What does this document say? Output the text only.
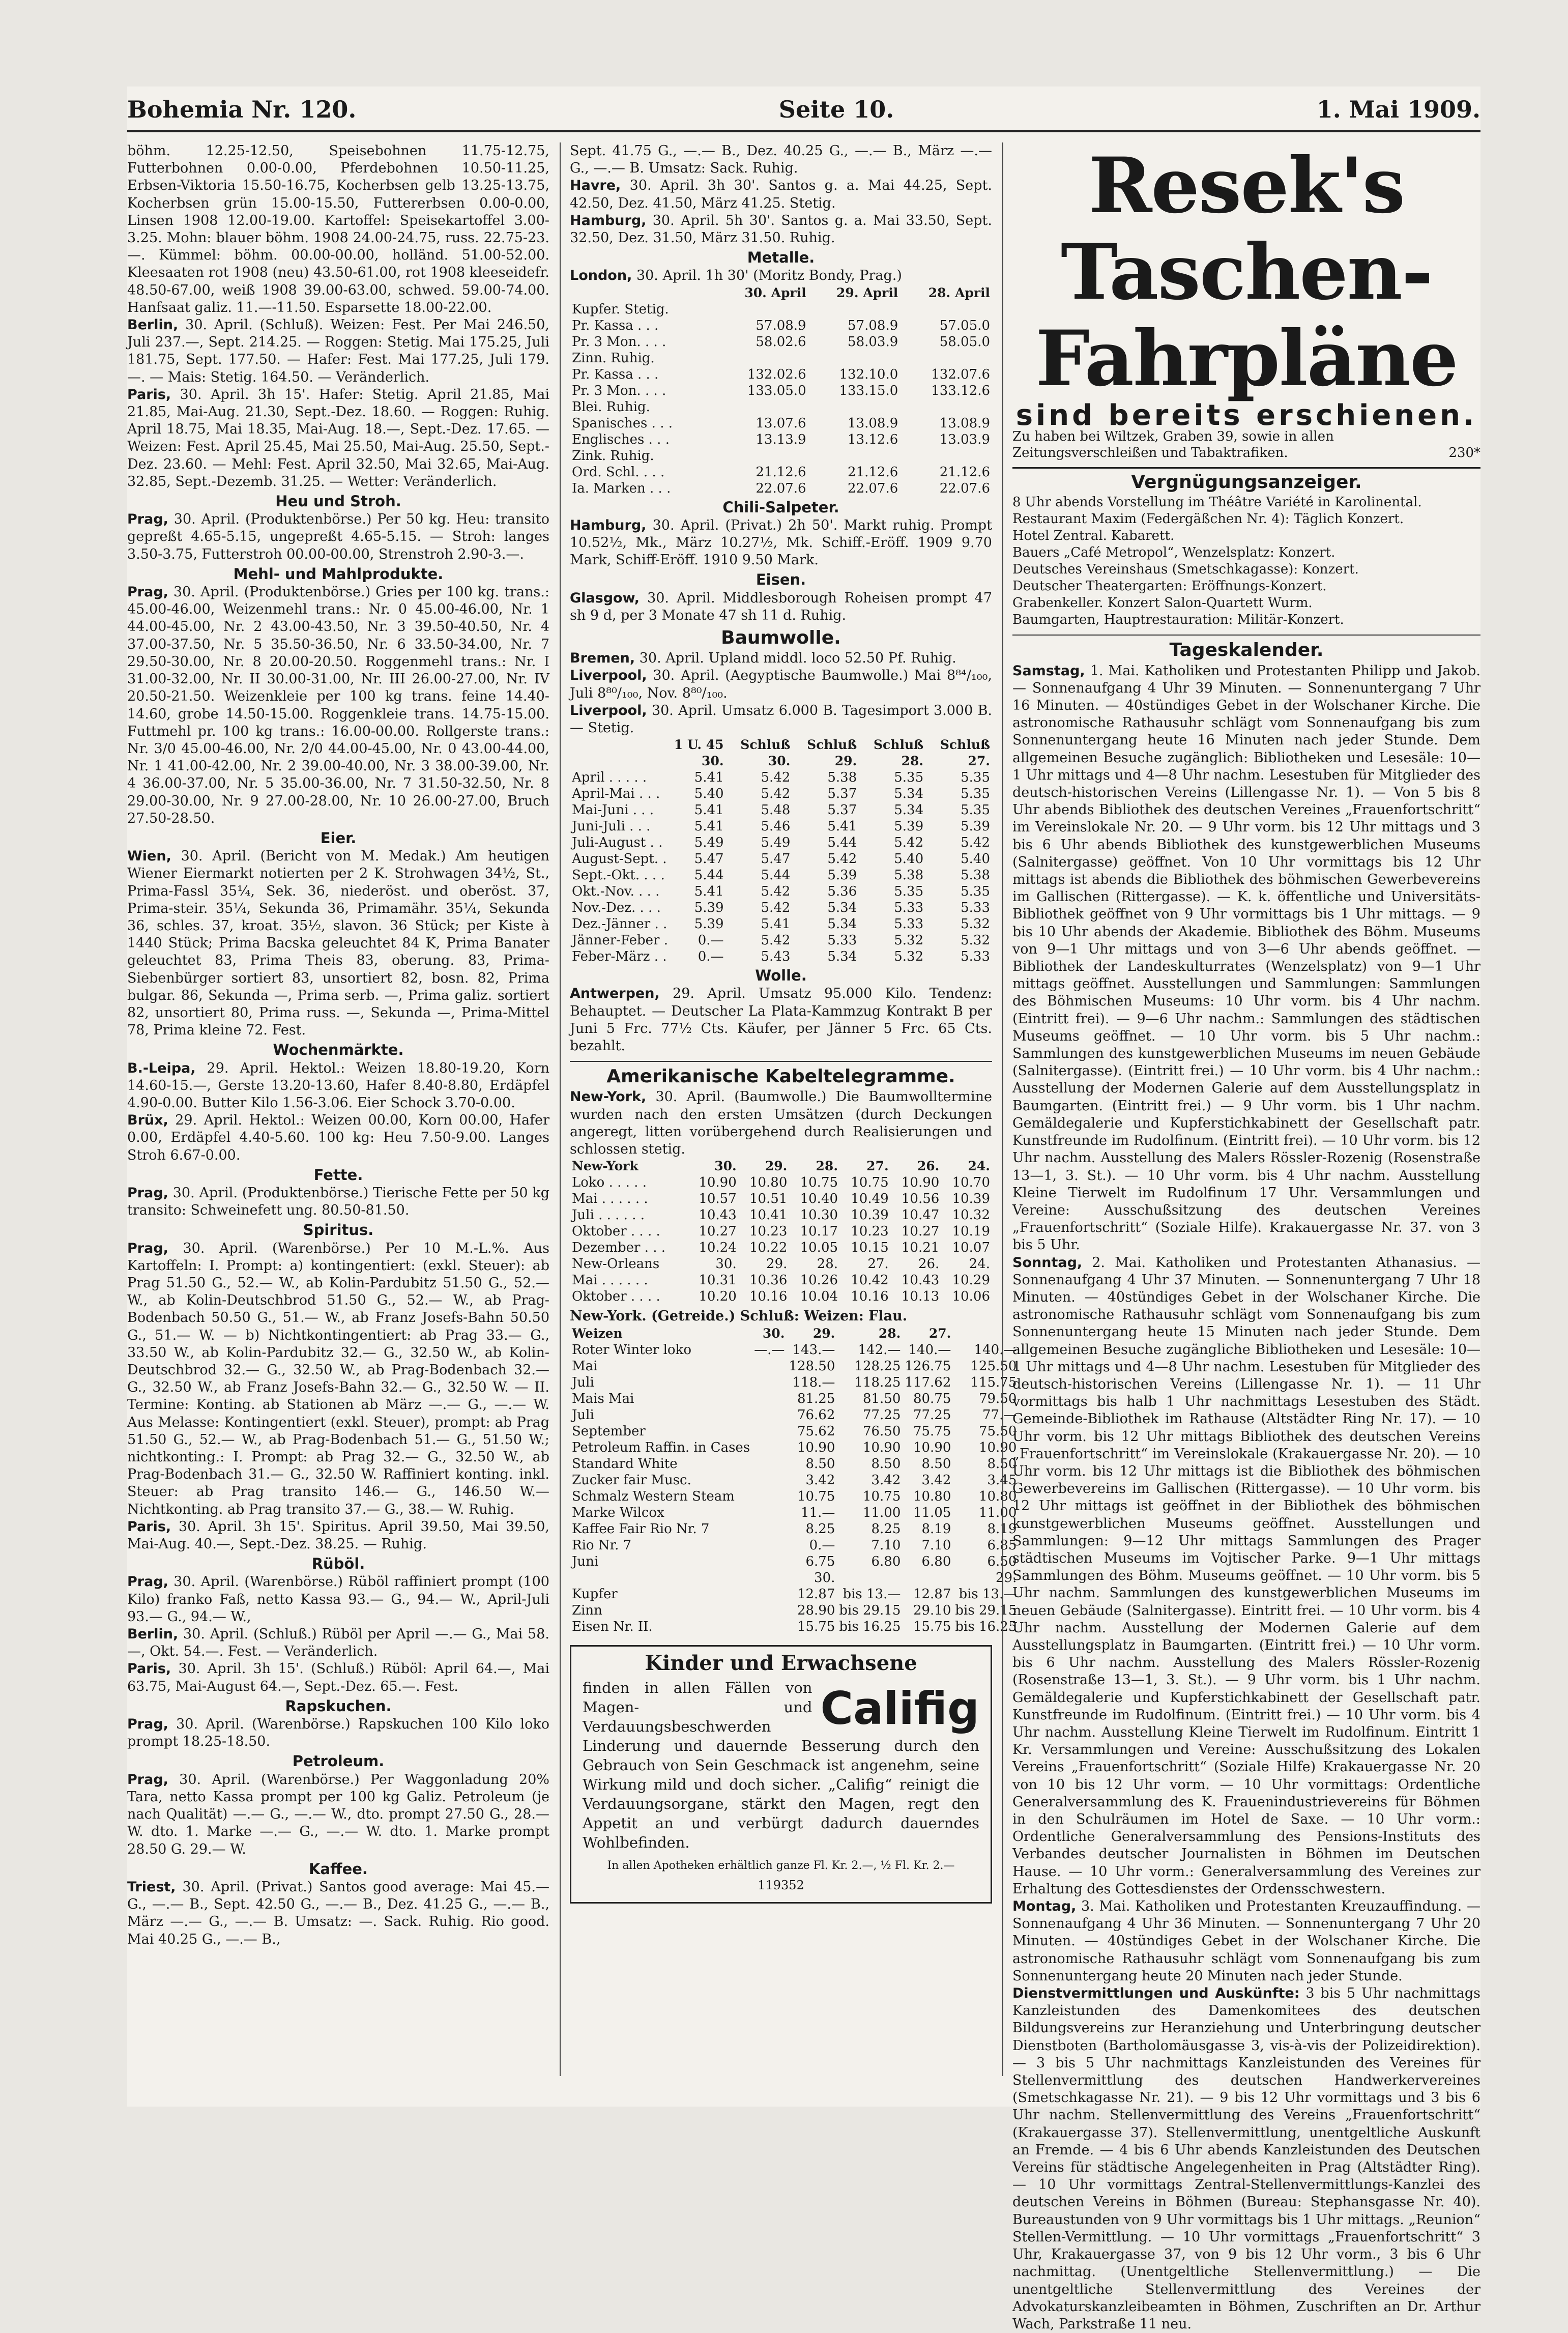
Bohemia Nr. 120.	Seite 10.	1. Mai 1909.

böhm. 12.25-12.50, Speisebohnen 11.75-12.75, Futterbohnen 0.00-0.00, Pferdebohnen 10.50-11.25, Erbsen-Viktoria 15.50-16.75, Kocherbsen gelb 13.25-13.75, Kocherbsen grün 15.00-15.50, Futtererbsen 0.00-0.00, Linsen 1908 12.00-19.00. Kartoffel: Speisekartoffel 3.00-3.25. Mohn: blauer böhm. 1908 24.00-24.75, russ. 22.75-23.—. Kümmel: böhm. 00.00-00.00, holländ. 51.00-52.00. Kleesaaten rot 1908 (neu) 43.50-61.00, rot 1908 kleeseidefr. 48.50-67.00, weiß 1908 39.00-63.00, schwed. 59.00-74.00. Hanfsaat galiz. 11.—-11.50. Esparsette 18.00-22.00.

Berlin, 30. April. (Schluß). Weizen: Fest. Per Mai 246.50, Juli 237.—, Sept. 214.25. — Roggen: Stetig. Mai 175.25, Juli 181.75, Sept. 177.50. — Hafer: Fest. Mai 177.25, Juli 179.—. — Mais: Stetig. 164.50. — Veränderlich.

Paris, 30. April. 3h 15'. Hafer: Stetig. April 21.85, Mai 21.85, Mai-Aug. 21.30, Sept.-Dez. 18.60. — Roggen: Ruhig. April 18.75, Mai 18.35, Mai-Aug. 18.—, Sept.-Dez. 17.65. — Weizen: Fest. April 25.45, Mai 25.50, Mai-Aug. 25.50, Sept.-Dez. 23.60. — Mehl: Fest. April 32.50, Mai 32.65, Mai-Aug. 32.85, Sept.-Dezemb. 31.25. — Wetter: Veränderlich.

Heu und Stroh.

Prag, 30. April. (Produktenbörse.) Per 50 kg. Heu: transito gepreßt 4.65-5.15, ungepreßt 4.65-5.15. — Stroh: langes 3.50-3.75, Futterstroh 00.00-00.00, Strenstroh 2.90-3.—.

Mehl- und Mahlprodukte.

Prag, 30. April. (Produktenbörse.) Gries per 100 kg. trans.: 45.00-46.00, Weizenmehl trans.: Nr. 0 45.00-46.00, Nr. 1 44.00-45.00, Nr. 2 43.00-43.50, Nr. 3 39.50-40.50, Nr. 4 37.00-37.50, Nr. 5 35.50-36.50, Nr. 6 33.50-34.00, Nr. 7 29.50-30.00, Nr. 8 20.00-20.50. Roggenmehl trans.: Nr. I 31.00-32.00, Nr. II 30.00-31.00, Nr. III 26.00-27.00, Nr. IV 20.50-21.50. Weizenkleie per 100 kg trans. feine 14.40-14.60, grobe 14.50-15.00. Roggenkleie trans. 14.75-15.00. Futtmehl pr. 100 kg trans.: 16.00-00.00. Rollgerste trans.: Nr. 3/0 45.00-46.00, Nr. 2/0 44.00-45.00, Nr. 0 43.00-44.00, Nr. 1 41.00-42.00, Nr. 2 39.00-40.00, Nr. 3 38.00-39.00, Nr. 4 36.00-37.00, Nr. 5 35.00-36.00, Nr. 7 31.50-32.50, Nr. 8 29.00-30.00, Nr. 9 27.00-28.00, Nr. 10 26.00-27.00, Bruch 27.50-28.50.

Eier.

Wien, 30. April. (Bericht von M. Medak.) Am heutigen Wiener Eiermarkt notierten per 2 K. Strohwagen 34½, St., Prima-Fassl 35¼, Sek. 36, niederöst. und oberöst. 37, Prima-steir. 35¼, Sekunda 36, Primamähr. 35¼, Sekunda 36, schles. 37, kroat. 35½, slavon. 36 Stück; per Kiste à 1440 Stück; Prima Bacska geleuchtet 84 K, Prima Banater geleuchtet 83, Prima Theis 83, oberung. 83, Prima-Siebenbürger sortiert 83, unsortiert 82, bosn. 82, Prima bulgar. 86, Sekunda —, Prima serb. —, Prima galiz. sortiert 82, unsortiert 80, Prima russ. —, Sekunda —, Prima-Mittel 78, Prima kleine 72. Fest.

Wochenmärkte.

B.-Leipa, 29. April. Hektol.: Weizen 18.80-19.20, Korn 14.60-15.—, Gerste 13.20-13.60, Hafer 8.40-8.80, Erdäpfel 4.90-0.00. Butter Kilo 1.56-3.06. Eier Schock 3.70-0.00.

Brüx, 29. April. Hektol.: Weizen 00.00, Korn 00.00, Hafer 0.00, Erdäpfel 4.40-5.60. 100 kg: Heu 7.50-9.00. Langes Stroh 6.67-0.00.

Fette.

Prag, 30. April. (Produktenbörse.) Tierische Fette per 50 kg transito: Schweinefett ung. 80.50-81.50.

Spiritus.

Prag, 30. April. (Warenbörse.) Per 10 M.-L.%. Aus Kartoffeln: I. Prompt: a) kontingentiert: (exkl. Steuer): ab Prag 51.50 G., 52.— W., ab Kolin-Pardubitz 51.50 G., 52.— W., ab Kolin-Deutschbrod 51.50 G., 52.— W., ab Prag-Bodenbach 50.50 G., 51.— W., ab Franz Josefs-Bahn 50.50 G., 51.— W. — b) Nichtkontingentiert: ab Prag 33.— G., 33.50 W., ab Kolin-Pardubitz 32.— G., 32.50 W., ab Kolin-Deutschbrod 32.— G., 32.50 W., ab Prag-Bodenbach 32.— G., 32.50 W., ab Franz Josefs-Bahn 32.— G., 32.50 W. — II. Termine: Konting. ab Stationen ab März —.— G., —.— W. Aus Melasse: Kontingentiert (exkl. Steuer), prompt: ab Prag 51.50 G., 52.— W., ab Prag-Bodenbach 51.— G., 51.50 W.; nichtkonting.: I. Prompt: ab Prag 32.— G., 32.50 W., ab Prag-Bodenbach 31.— G., 32.50 W. Raffiniert konting. inkl. Steuer: ab Prag transito 146.— G., 146.50 W.— Nichtkonting. ab Prag transito 37.— G., 38.— W. Ruhig.

Paris, 30. April. 3h 15'. Spiritus. April 39.50, Mai 39.50, Mai-Aug. 40.—, Sept.-Dez. 38.25. — Ruhig.

Rüböl.

Prag, 30. April. (Warenbörse.) Rüböl raffiniert prompt (100 Kilo) franko Faß, netto Kassa 93.— G., 94.— W., April-Juli 93.— G., 94.— W.,

Berlin, 30. April. (Schluß.) Rüböl per April —.— G., Mai 58.—, Okt. 54.—. Fest. — Veränderlich.

Paris, 30. April. 3h 15'. (Schluß.) Rüböl: April 64.—, Mai 63.75, Mai-August 64.—, Sept.-Dez. 65.—. Fest.

Rapskuchen.

Prag, 30. April. (Warenbörse.) Rapskuchen 100 Kilo loko prompt 18.25-18.50.

Petroleum.

Prag, 30. April. (Warenbörse.) Per Waggonladung 20% Tara, netto Kassa prompt per 100 kg Galiz. Petroleum (je nach Qualität) —.— G., —.— W., dto. prompt 27.50 G., 28.— W. dto. 1. Marke —.— G., —.— W. dto. 1. Marke prompt 28.50 G. 29.— W.

Kaffee.

Triest, 30. April. (Privat.) Santos good average: Mai 45.— G., —.— B., Sept. 42.50 G., —.— B., Dez. 41.25 G., —.— B., März —.— G., —.— B. Umsatz: —. Sack. Ruhig. Rio good. Mai 40.25 G., —.— B.,

Sept. 41.75 G., —.— B., Dez. 40.25 G., —.— B., März —.— G., —.— B. Umsatz: Sack. Ruhig.

Havre, 30. April. 3h 30'. Santos g. a. Mai 44.25, Sept. 42.50, Dez. 41.50, März 41.25. Stetig.

Hamburg, 30. April. 5h 30'. Santos g. a. Mai 33.50, Sept. 32.50, Dez. 31.50, März 31.50. Ruhig.

Metalle.

London, 30. April. 1h 30' (Moritz Bondy, Prag.)

	30. April	29. April	28. April
Kupfer. Stetig.			
Pr. Kassa . . .	57.08.9	57.08.9	57.05.0
Pr. 3 Mon. . . .	58.02.6	58.03.9	58.05.0
Zinn. Ruhig.			
Pr. Kassa . . .	132.02.6	132.10.0	132.07.6
Pr. 3 Mon. . . .	133.05.0	133.15.0	133.12.6
Blei. Ruhig.			
Spanisches . . .	13.07.6	13.08.9	13.08.9
Englisches . . .	13.13.9	13.12.6	13.03.9
Zink. Ruhig.			
Ord. Schl. . . .	21.12.6	21.12.6	21.12.6
Ia. Marken . . .	22.07.6	22.07.6	22.07.6
Chili-Salpeter.

Hamburg, 30. April. (Privat.) 2h 50'. Markt ruhig. Prompt 10.52½, Mk., März 10.27½, Mk. Schiff.-Eröff. 1909 9.70 Mark, Schiff-Eröff. 1910 9.50 Mark.

Eisen.

Glasgow, 30. April. Middlesborough Roheisen prompt 47 sh 9 d, per 3 Monate 47 sh 11 d. Ruhig.

Baumwolle.

Bremen, 30. April. Upland middl. loco 52.50 Pf. Ruhig.

Liverpool, 30. April. (Aegyptische Baumwolle.) Mai 8⁸⁴/₁₀₀, Juli 8⁸⁰/₁₀₀, Nov. 8⁸⁰/₁₀₀.

Liverpool, 30. April. Umsatz 6.000 B. Tagesimport 3.000 B. — Stetig.

	1 U. 45 30.	Schluß 30.	Schluß 29.	Schluß 28.	Schluß 27.
April . . . . .	5.41	5.42	5.38	5.35	5.35
April-Mai . . .	5.40	5.42	5.37	5.34	5.35
Mai-Juni . . .	5.41	5.48	5.37	5.34	5.35
Juni-Juli . . .	5.41	5.46	5.41	5.39	5.39
Juli-August . .	5.49	5.49	5.44	5.42	5.42
August-Sept. .	5.47	5.47	5.42	5.40	5.40
Sept.-Okt. . . .	5.44	5.44	5.39	5.38	5.38
Okt.-Nov. . . .	5.41	5.42	5.36	5.35	5.35
Nov.-Dez. . . .	5.39	5.42	5.34	5.33	5.33
Dez.-Jänner . .	5.39	5.41	5.34	5.33	5.32
Jänner-Feber .	0.—	5.42	5.33	5.32	5.32
Feber-März . .	0.—	5.43	5.34	5.32	5.33
Wolle.

Antwerpen, 29. April. Umsatz 95.000 Kilo. Tendenz: Behauptet. — Deutscher La Plata-Kammzug Kontrakt B per Juni 5 Frc. 77½ Cts. Käufer, per Jänner 5 Frc. 65 Cts. bezahlt.

Amerikanische Kabeltelegramme.

New-York, 30. April. (Baumwolle.) Die Baumwolltermine wurden nach den ersten Umsätzen (durch Deckungen angeregt, litten vorübergehend durch Realisierungen und schlossen stetig.

New-York	30.	29.	28.	27.	26.	24.
Loko . . . . .	10.90	10.80	10.75	10.75	10.90	10.70
Mai . . . . . .	10.57	10.51	10.40	10.49	10.56	10.39
Juli . . . . . .	10.43	10.41	10.30	10.39	10.47	10.32
Oktober . . . .	10.27	10.23	10.17	10.23	10.27	10.19
Dezember . . .	10.24	10.22	10.05	10.15	10.21	10.07
New-Orleans	30.	29.	28.	27.	26.	24.
Mai . . . . . .	10.31	10.36	10.26	10.42	10.43	10.29
Oktober . . . .	10.20	10.16	10.04	10.16	10.13	10.06

New-York. (Getreide.) Schluß: Weizen: Flau.

Weizen	30.	29.	28.	27.	
Roter Winter loko	—.—	143.—	142.—	140.—	140.—
Mai		128.50	128.25	126.75	125.50
Juli		118.—	118.25	117.62	115.75
Mais Mai		81.25	81.50	80.75	79.50
Juli		76.62	77.25	77.25	77.—
September		75.62	76.50	75.75	75.50
Petroleum Raffin. in Cases		10.90	10.90	10.90	10.90
Standard White		8.50	8.50	8.50	8.50
Zucker fair Musc.		3.42	3.42	3.42	3.45
Schmalz Western Steam		10.75	10.75	10.80	10.80
Marke Wilcox		11.—	11.00	11.05	11.00
Kaffee Fair Rio Nr. 7		8.25	8.25	8.19	8.19
Rio Nr. 7		0.—	7.10	7.10	6.85
Juni		6.75	6.80	6.80	6.50
		30.			29.
Kupfer		12.87	bis 13.—	12.87	bis 13.—
Zinn		28.90	bis 29.15	29.10	bis 29.15
Eisen Nr. II.		15.75	bis 16.25	15.75	bis 16.25
Kinder und Erwachsene
Califig
finden in allen Fällen von Magen- und Verdauungsbeschwerden Linderung und dauernde Besserung durch den Gebrauch von Sein Geschmack ist angenehm, seine Wirkung mild und doch sicher. „Califig“ reinigt die Verdauungsorgane, stärkt den Magen, regt den Appetit an und verbürgt dadurch dauerndes Wohlbefinden.
In allen Apotheken erhältlich ganze Fl. Kr. 2.—, ½ Fl. Kr. 2.—
119352
Resek's
Taschen-
Fahrpläne
sind bereits erschienen.
Zu haben bei Wiltzek, Graben 39, sowie in allen Zeitungsverschleißen und Tabaktrafiken.	230*
Vergnügungsanzeiger.
8 Uhr abends Vorstellung im Théâtre Variété in Karolinental.
Restaurant Maxim (Federgäßchen Nr. 4): Täglich Konzert.
Hotel Zentral. Kabarett.
Bauers „Café Metropol“, Wenzelsplatz: Konzert.
Deutsches Vereinshaus (Smetschkagasse): Konzert.
Deutscher Theatergarten: Eröffnungs-Konzert.
Grabenkeller. Konzert Salon-Quartett Wurm.
Baumgarten, Hauptrestauration: Militär-Konzert.
Tageskalender.

Samstag, 1. Mai. Katholiken und Protestanten Philipp und Jakob. — Sonnenaufgang 4 Uhr 39 Minuten. — Sonnenuntergang 7 Uhr 16 Minuten. — 40stündiges Gebet in der Wolschaner Kirche. Die astronomische Rathausuhr schlägt vom Sonnenaufgang bis zum Sonnenuntergang heute 16 Minuten nach jeder Stunde. Dem allgemeinen Besuche zugänglich: Bibliotheken und Lesesäle: 10—1 Uhr mittags und 4—8 Uhr nachm. Lesestuben für Mitglieder des deutsch-historischen Vereins (Lillengasse Nr. 1). — Von 5 bis 8 Uhr abends Bibliothek des deutschen Vereines „Frauenfortschritt“ im Vereinslokale Nr. 20. — 9 Uhr vorm. bis 12 Uhr mittags und 3 bis 6 Uhr abends Bibliothek des kunstgewerblichen Museums (Salnitergasse) geöffnet. Von 10 Uhr vormittags bis 12 Uhr mittags ist abends die Bibliothek des böhmischen Gewerbevereins im Gallischen (Rittergasse). — K. k. öffentliche und Universitäts-Bibliothek geöffnet von 9 Uhr vormittags bis 1 Uhr mittags. — 9 bis 10 Uhr abends der Akademie. Bibliothek des Böhm. Museums von 9—1 Uhr mittags und von 3—6 Uhr abends geöffnet. — Bibliothek der Landeskulturrates (Wenzelsplatz) von 9—1 Uhr mittags geöffnet. Ausstellungen und Sammlungen: Sammlungen des Böhmischen Museums: 10 Uhr vorm. bis 4 Uhr nachm. (Eintritt frei). — 9—6 Uhr nachm.: Sammlungen des städtischen Museums geöffnet. — 10 Uhr vorm. bis 5 Uhr nachm.: Sammlungen des kunstgewerblichen Museums im neuen Gebäude (Salnitergasse). (Eintritt frei.) — 10 Uhr vorm. bis 4 Uhr nachm.: Ausstellung der Modernen Galerie auf dem Ausstellungsplatz in Baumgarten. (Eintritt frei.) — 9 Uhr vorm. bis 1 Uhr nachm. Gemäldegalerie und Kupferstichkabinett der Gesellschaft patr. Kunstfreunde im Rudolfinum. (Eintritt frei). — 10 Uhr vorm. bis 12 Uhr nachm. Ausstellung des Malers Rössler-Rozenig (Rosenstraße 13—1, 3. St.). — 10 Uhr vorm. bis 4 Uhr nachm. Ausstellung Kleine Tierwelt im Rudolfinum 17 Uhr. Versammlungen und Vereine: Ausschußsitzung des deutschen Vereines „Frauenfortschritt“ (Soziale Hilfe). Krakauergasse Nr. 37. von 3 bis 5 Uhr.

Sonntag, 2. Mai. Katholiken und Protestanten Athanasius. — Sonnenaufgang 4 Uhr 37 Minuten. — Sonnenuntergang 7 Uhr 18 Minuten. — 40stündiges Gebet in der Wolschaner Kirche. Die astronomische Rathausuhr schlägt vom Sonnenaufgang bis zum Sonnenuntergang heute 15 Minuten nach jeder Stunde. Dem allgemeinen Besuche zugängliche Bibliotheken und Lesesäle: 10—1 Uhr mittags und 4—8 Uhr nachm. Lesestuben für Mitglieder des deutsch-historischen Vereins (Lillengasse Nr. 1). — 11 Uhr vormittags bis halb 1 Uhr nachmittags Lesestuben des Städt. Gemeinde-Bibliothek im Rathause (Altstädter Ring Nr. 17). — 10 Uhr vorm. bis 12 Uhr mittags Bibliothek des deutschen Vereins „Frauenfortschritt“ im Vereinslokale (Krakauergasse Nr. 20). — 10 Uhr vorm. bis 12 Uhr mittags ist die Bibliothek des böhmischen Gewerbevereins im Gallischen (Rittergasse). — 10 Uhr vorm. bis 12 Uhr mittags ist geöffnet in der Bibliothek des böhmischen kunstgewerblichen Museums geöffnet. Ausstellungen und Sammlungen: 9—12 Uhr mittags Sammlungen des Prager städtischen Museums im Vojtischer Parke. 9—1 Uhr mittags Sammlungen des Böhm. Museums geöffnet. — 10 Uhr vorm. bis 5 Uhr nachm. Sammlungen des kunstgewerblichen Museums im neuen Gebäude (Salnitergasse). Eintritt frei. — 10 Uhr vorm. bis 4 Uhr nachm. Ausstellung der Modernen Galerie auf dem Ausstellungsplatz in Baumgarten. (Eintritt frei.) — 10 Uhr vorm. bis 6 Uhr nachm. Ausstellung des Malers Rössler-Rozenig (Rosenstraße 13—1, 3. St.). — 9 Uhr vorm. bis 1 Uhr nachm. Gemäldegalerie und Kupferstichkabinett der Gesellschaft patr. Kunstfreunde im Rudolfinum. (Eintritt frei.) — 10 Uhr vorm. bis 4 Uhr nachm. Ausstellung Kleine Tierwelt im Rudolfinum. Eintritt 1 Kr. Versammlungen und Vereine: Ausschußsitzung des Lokalen Vereins „Frauenfortschritt“ (Soziale Hilfe) Krakauergasse Nr. 20 von 10 bis 12 Uhr vorm. — 10 Uhr vormittags: Ordentliche Generalversammlung des K. Frauenindustrievereins für Böhmen in den Schulräumen im Hotel de Saxe. — 10 Uhr vorm.: Ordentliche Generalversammlung des Pensions-Instituts des Verbandes deutscher Journalisten in Böhmen im Deutschen Hause. — 10 Uhr vorm.: Generalversammlung des Vereines zur Erhaltung des Gottesdienstes der Ordensschwestern.

Montag, 3. Mai. Katholiken und Protestanten Kreuzauffindung. — Sonnenaufgang 4 Uhr 36 Minuten. — Sonnenuntergang 7 Uhr 20 Minuten. — 40stündiges Gebet in der Wolschaner Kirche. Die astronomische Rathausuhr schlägt vom Sonnenaufgang bis zum Sonnenuntergang heute 20 Minuten nach jeder Stunde.

Dienstvermittlungen und Auskünfte: 3 bis 5 Uhr nachmittags Kanzleistunden des Damenkomitees des deutschen Bildungsvereins zur Heranziehung und Unterbringung deutscher Dienstboten (Bartholomäusgasse 3, vis-à-vis der Polizeidirektion). — 3 bis 5 Uhr nachmittags Kanzleistunden des Vereines für Stellenvermittlung des deutschen Handwerkervereines (Smetschkagasse Nr. 21). — 9 bis 12 Uhr vormittags und 3 bis 6 Uhr nachm. Stellenvermittlung des Vereins „Frauenfortschritt“ (Krakauergasse 37). Stellenvermittlung, unentgeltliche Auskunft an Fremde. — 4 bis 6 Uhr abends Kanzleistunden des Deutschen Vereins für städtische Angelegenheiten in Prag (Altstädter Ring). — 10 Uhr vormittags Zentral-Stellenvermittlungs-Kanzlei des deutschen Vereins in Böhmen (Bureau: Stephansgasse Nr. 40). Bureaustunden von 9 Uhr vormittags bis 1 Uhr mittags. „Reunion“ Stellen-Vermittlung. — 10 Uhr vormittags „Frauenfortschritt“ 3 Uhr, Krakauergasse 37, von 9 bis 12 Uhr vorm., 3 bis 6 Uhr nachmittag. (Unentgeltliche Stellenvermittlung.) — Die unentgeltliche Stellenvermittlung des Vereines der Advokaturskanzleibeamten in Böhmen, Zuschriften an Dr. Arthur Wach, Parkstraße 11 neu.
